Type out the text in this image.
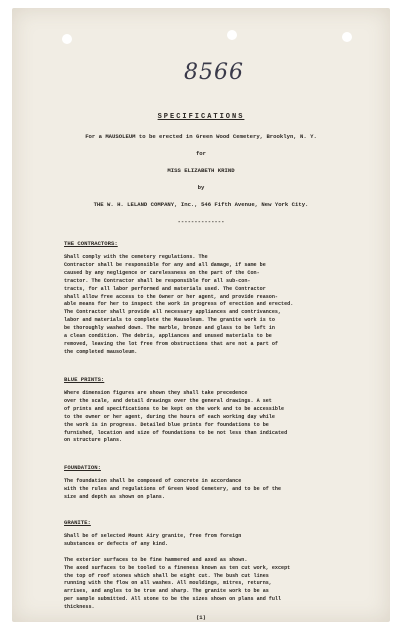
8566
SPECIFICATIONS
For a MAUSOLEUM to be erected in Green Wood Cemetery, Brooklyn, N. Y.
for
MISS ELIZABETH KRIND
by
THE W. H. LELAND COMPANY, Inc., 546 Fifth Avenue, New York City.
--------------

THE CONTRACTORS:

Shall comply with the cemetery regulations. The
Contractor shall be responsible for any and all damage, if same be
caused by any negligence or carelessness on the part of the Con-
tractor. The Contractor shall be responsible for all sub-con-
tracts, for all labor performed and materials used. The Contractor
shall allow free access to the Owner or her agent, and provide reason-
able means for her to inspect the work in progress of erection and erected.
The Contractor shall provide all necessary appliances and contrivances,
labor and materials to complete the Mausoleum. The granite work is to
be thoroughly washed down. The marble, bronze and glass to be left in
a clean condition. The debris, appliances and unused materials to be
removed, leaving the lot free from obstructions that are not a part of
the completed mausoleum.

BLUE PRINTS:

Where dimension figures are shown they shall take precedence
over the scale, and detail drawings over the general drawings. A set
of prints and specifications to be kept on the work and to be accessible
to the owner or her agent, during the hours of each working day while
the work is in progress. Detailed blue prints for foundations to be
furnished, location and size of foundations to be not less than indicated
on structure plans.

FOUNDATION:

The foundation shall be composed of concrete in accordance
with the rules and regulations of Green Wood Cemetery, and to be of the
size and depth as shown on plans.

GRANITE:

Shall be of selected Mount Airy granite, free from foreign
substances or defects of any kind.

The exterior surfaces to be fine hammered and axed as shown.
The axed surfaces to be tooled to a fineness known as ten cut work, except
the top of roof stones which shall be eight cut. The bush cut lines
running with the flow on all washes. All mouldings, mitres, returns,
arrises, and angles to be true and sharp. The granite work to be as
per sample submitted. All stone to be the sizes shown on plans and full
thickness.

(1)
